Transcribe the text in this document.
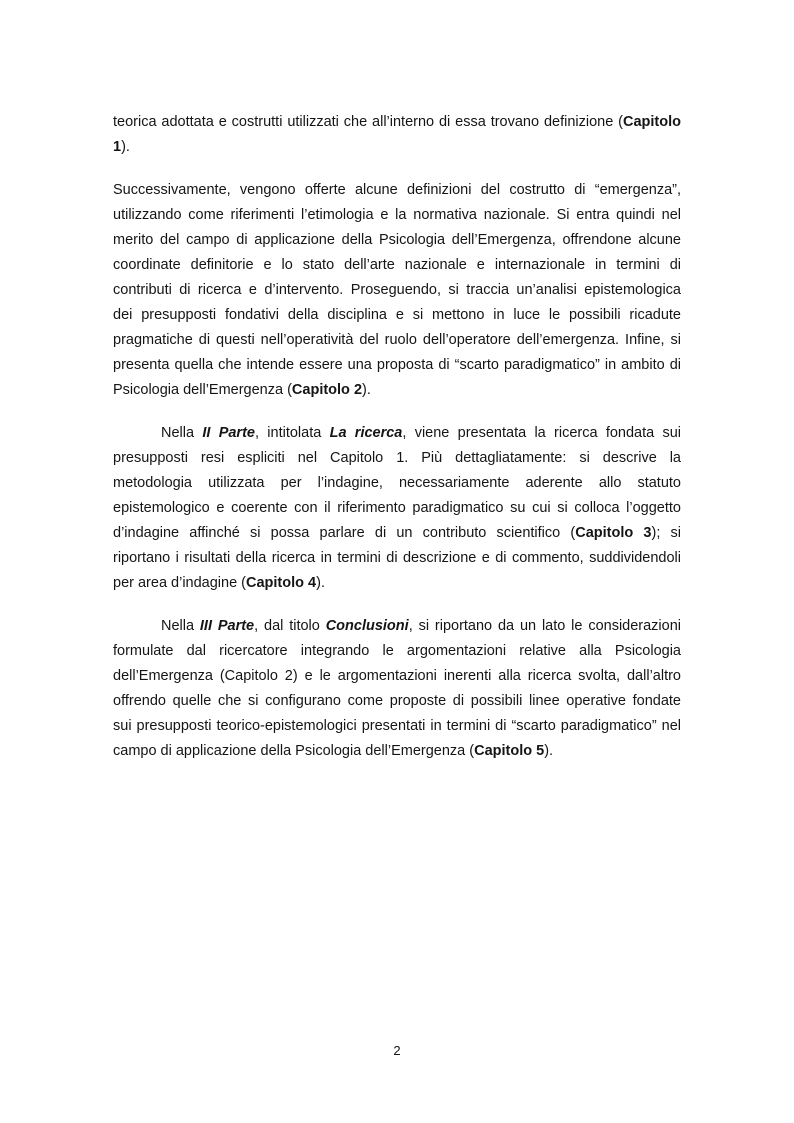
teorica adottata e costrutti utilizzati che all’interno di essa trovano definizione (Capitolo
1).
Successivamente, vengono offerte alcune definizioni del costrutto di “emergenza”,
utilizzando come riferimenti l’etimologia e la normativa nazionale. Si entra quindi nel
merito del campo di applicazione della Psicologia dell’Emergenza, offrendone alcune
coordinate definitorie e lo stato dell’arte nazionale e internazionale in termini di
contributi di ricerca e d’intervento. Proseguendo, si traccia un’analisi epistemologica
dei presupposti fondativi della disciplina e si mettono in luce le possibili ricadute
pragmatiche di questi nell’operatività del ruolo dell’operatore dell’emergenza. Infine, si
presenta quella che intende essere una proposta di “scarto paradigmatico” in ambito di
Psicologia dell’Emergenza (Capitolo 2).
Nella II Parte, intitolata La ricerca, viene presentata la ricerca fondata sui
presupposti resi espliciti nel Capitolo 1. Più dettagliatamente: si descrive la
metodologia utilizzata per l’indagine, necessariamente aderente allo statuto
epistemologico e coerente con il riferimento paradigmatico su cui si colloca l’oggetto
d’indagine affinché si possa parlare di un contributo scientifico (Capitolo 3); si
riportano i risultati della ricerca in termini di descrizione e di commento, suddividendoli
per area d’indagine (Capitolo 4).
Nella III Parte, dal titolo Conclusioni, si riportano da un lato le considerazioni
formulate dal ricercatore integrando le argomentazioni relative alla Psicologia
dell’Emergenza (Capitolo 2) e le argomentazioni inerenti alla ricerca svolta, dall’altro
offrendo quelle che si configurano come proposte di possibili linee operative fondate
sui presupposti teorico-epistemologici presentati in termini di “scarto paradigmatico” nel
campo di applicazione della Psicologia dell’Emergenza (Capitolo 5).
2
